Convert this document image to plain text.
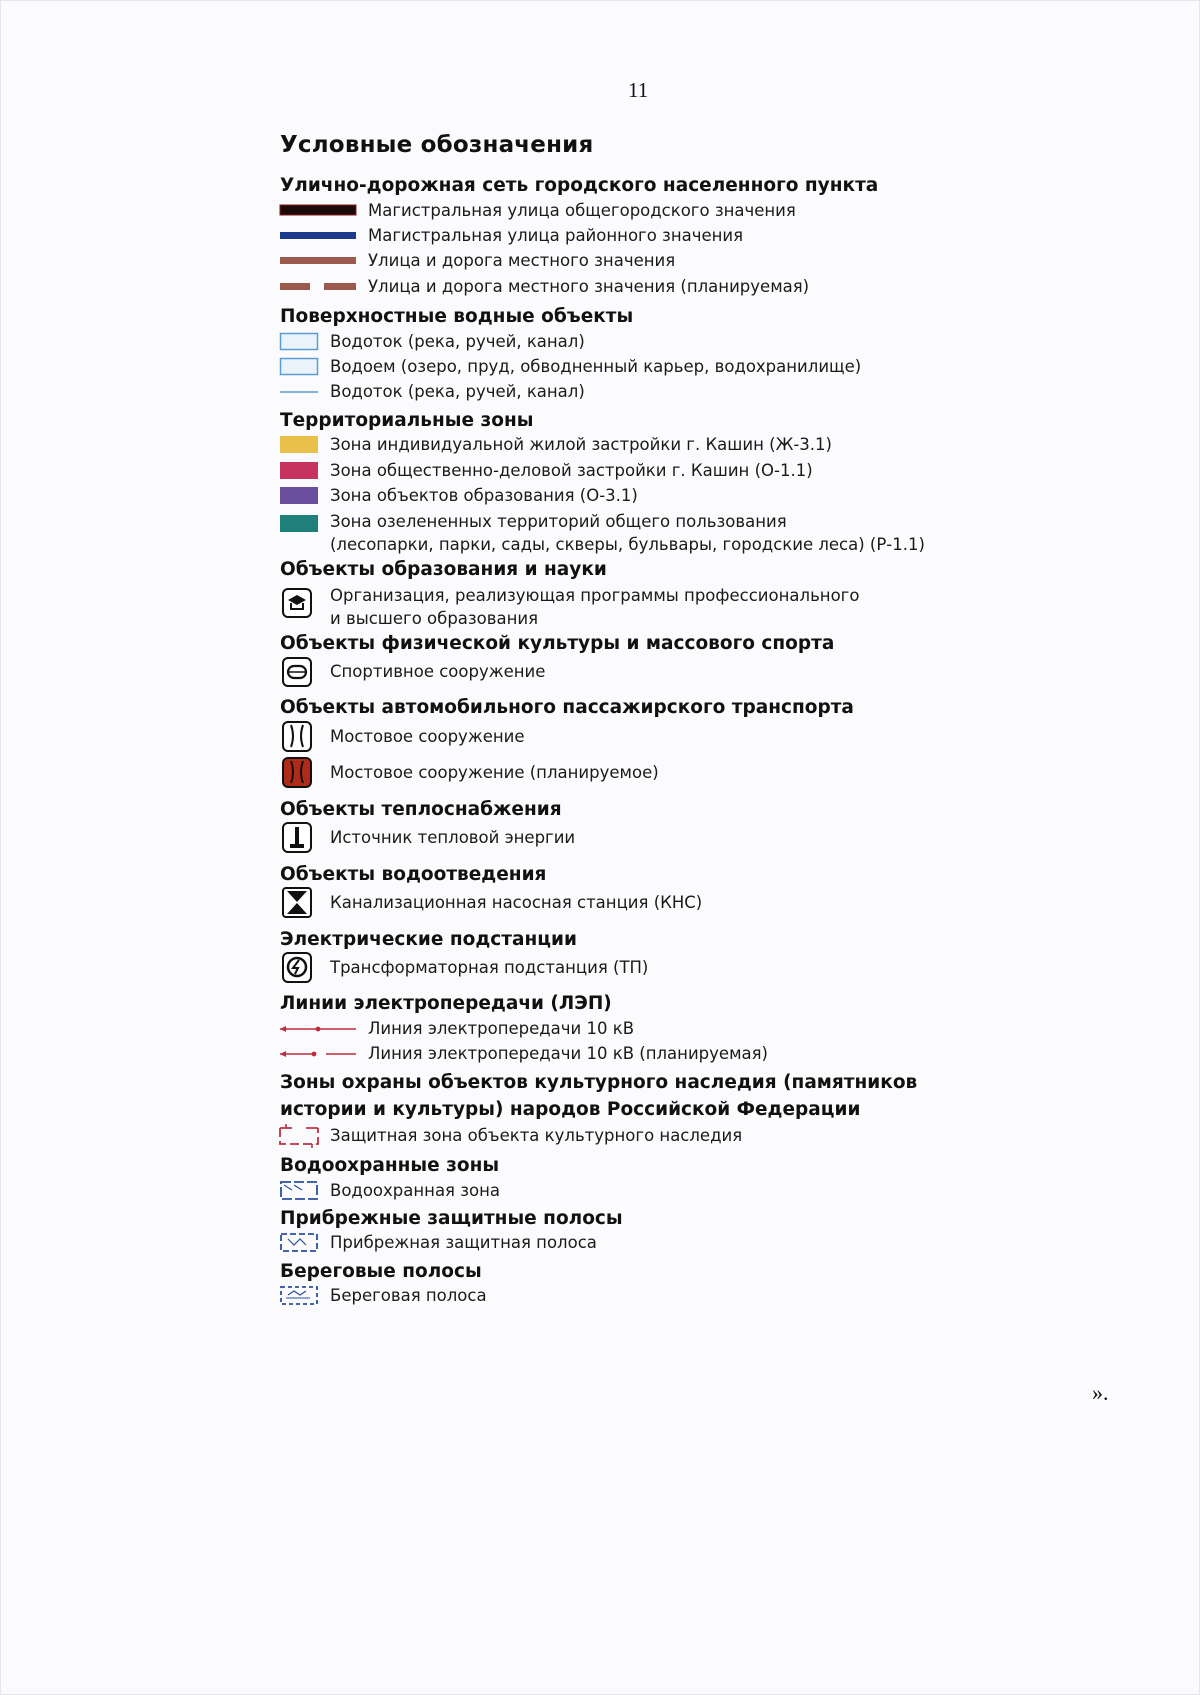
11
Условные обозначения
Улично-дорожная сеть городского населенного пункта
Магистральная улица общегородского значения
Магистральная улица районного значения
Улица и дорога местного значения
Улица и дорога местного значения (планируемая)
Поверхностные водные объекты
Водоток (река, ручей, канал)
Водоем (озеро, пруд, обводненный карьер, водохранилище)
Водоток (река, ручей, канал)
Территориальные зоны
Зона индивидуальной жилой застройки г. Кашин (Ж-3.1)
Зона общественно-деловой застройки г. Кашин (О-1.1)
Зона объектов образования (О-3.1)
Зона озелененных территорий общего пользования
(лесопарки, парки, сады, скверы, бульвары, городские леса) (Р-1.1)
Объекты образования и науки
Организация, реализующая программы профессионального
и высшего образования
Объекты физической культуры и массового спорта
Спортивное сооружение
Объекты автомобильного пассажирского транспорта
Мостовое сооружение
Мостовое сооружение (планируемое)
Объекты теплоснабжения
Источник тепловой энергии
Объекты водоотведения
Канализационная насосная станция (КНС)
Электрические подстанции
Трансформаторная подстанция (ТП)
Линии электропередачи (ЛЭП)
Линия электропередачи 10 кВ
Линия электропередачи 10 кВ (планируемая)
Зоны охраны объектов культурного наследия (памятников
истории и культуры) народов Российской Федерации
Защитная зона объекта культурного наследия
Водоохранные зоны
Водоохранная зона
Прибрежные защитные полосы
Прибрежная защитная полоса
Береговые полосы
Береговая полоса
».
